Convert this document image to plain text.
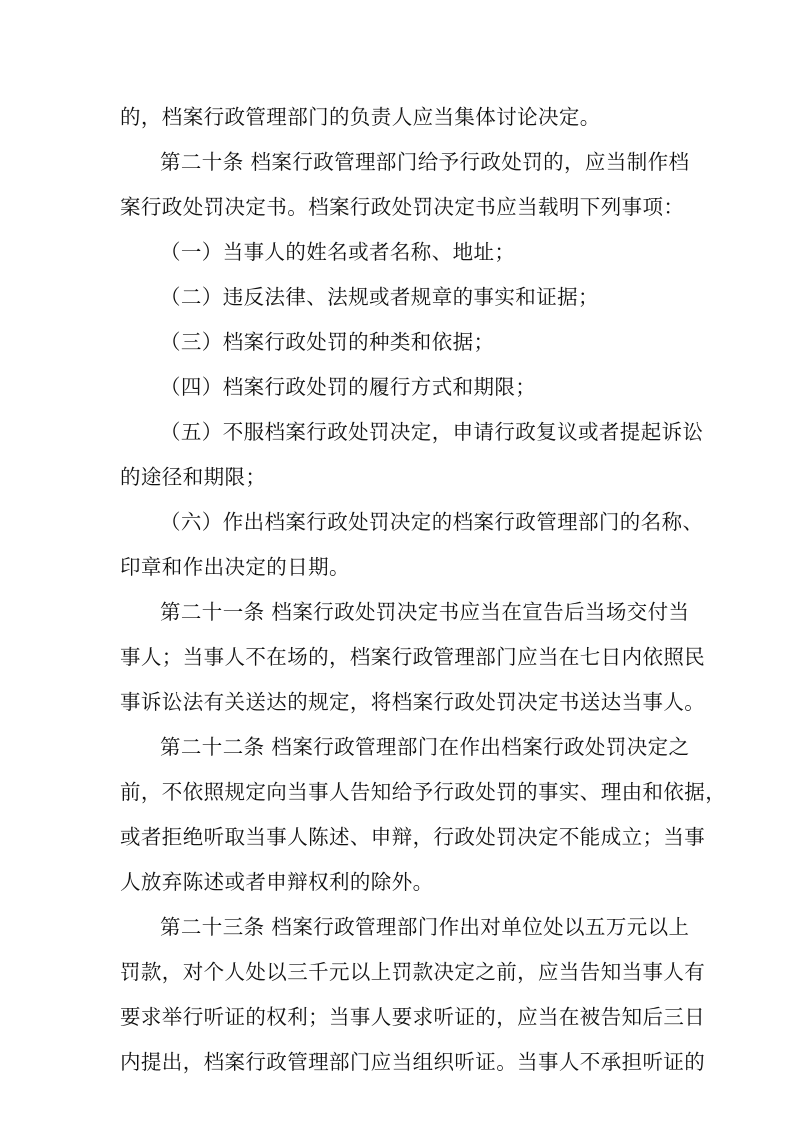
的，档案行政管理部门的负责人应当集体讨论决定。
第二十条 档案行政管理部门给予行政处罚的，应当制作档
案行政处罚决定书。档案行政处罚决定书应当载明下列事项：
（一）当事人的姓名或者名称、地址；
（二）违反法律、法规或者规章的事实和证据；
（三）档案行政处罚的种类和依据；
（四）档案行政处罚的履行方式和期限；
（五）不服档案行政处罚决定，申请行政复议或者提起诉讼
的途径和期限；
（六）作出档案行政处罚决定的档案行政管理部门的名称、
印章和作出决定的日期。
第二十一条 档案行政处罚决定书应当在宣告后当场交付当
事人；当事人不在场的，档案行政管理部门应当在七日内依照民
事诉讼法有关送达的规定，将档案行政处罚决定书送达当事人。
第二十二条 档案行政管理部门在作出档案行政处罚决定之
前，不依照规定向当事人告知给予行政处罚的事实、理由和依据，
或者拒绝听取当事人陈述、申辩，行政处罚决定不能成立；当事
人放弃陈述或者申辩权利的除外。
第二十三条 档案行政管理部门作出对单位处以五万元以上
罚款，对个人处以三千元以上罚款决定之前，应当告知当事人有
要求举行听证的权利；当事人要求听证的，应当在被告知后三日
内提出，档案行政管理部门应当组织听证。当事人不承担听证的
